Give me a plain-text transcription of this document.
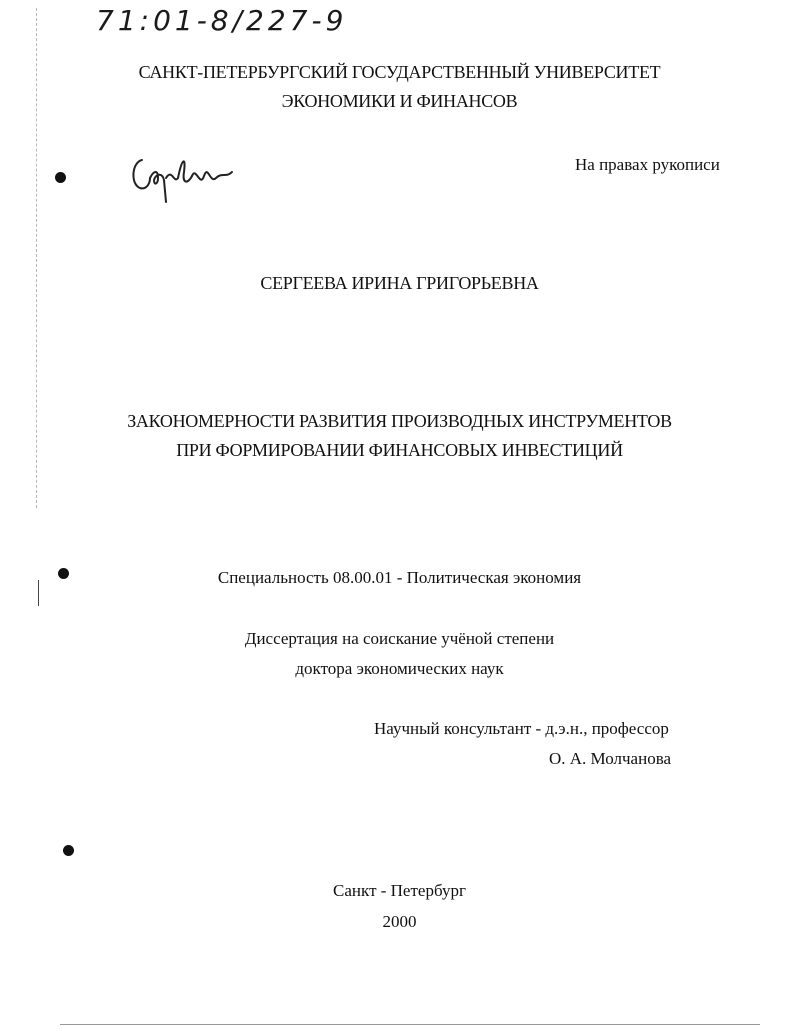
71:01-8/227-9
САНКТ-ПЕТЕРБУРГСКИЙ ГОСУДАРСТВЕННЫЙ УНИВЕРСИТЕТ
ЭКОНОМИКИ И ФИНАНСОВ
На правах рукописи
СЕРГЕЕВА ИРИНА ГРИГОРЬЕВНА
ЗАКОНОМЕРНОСТИ РАЗВИТИЯ ПРОИЗВОДНЫХ ИНСТРУМЕНТОВ
ПРИ ФОРМИРОВАНИИ ФИНАНСОВЫХ ИНВЕСТИЦИЙ
Специальность 08.00.01 - Политическая экономия
Диссертация на соискание учёной степени
доктора экономических наук
Научный консультант - д.э.н., профессор
О. А. Молчанова
Санкт - Петербург
2000
